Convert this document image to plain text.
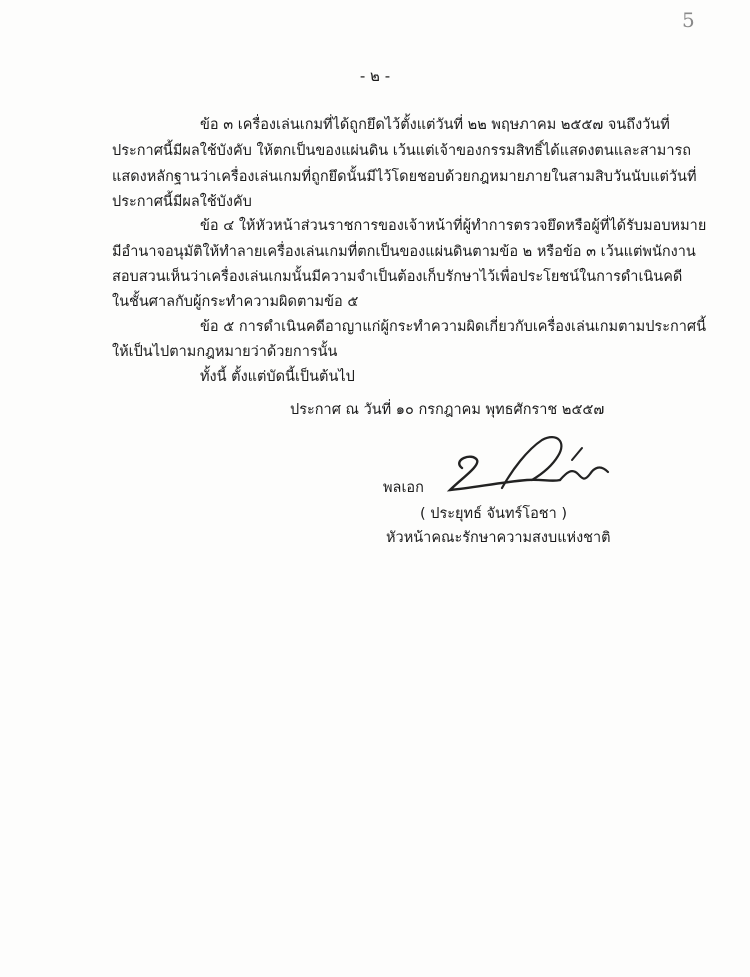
5
- ๒ -
ข้อ ๓ เครื่องเล่นเกมที่ได้ถูกยึดไว้ตั้งแต่วันที่ ๒๒ พฤษภาคม ๒๕๕๗ จนถึงวันที่
ประกาศนี้มีผลใช้บังคับ ให้ตกเป็นของแผ่นดิน เว้นแต่เจ้าของกรรมสิทธิ์ได้แสดงตนและสามารถ
แสดงหลักฐานว่าเครื่องเล่นเกมที่ถูกยึดนั้นมีไว้โดยชอบด้วยกฎหมายภายในสามสิบวันนับแต่วันที่
ประกาศนี้มีผลใช้บังคับ
ข้อ ๔ ให้หัวหน้าส่วนราชการของเจ้าหน้าที่ผู้ทำการตรวจยึดหรือผู้ที่ได้รับมอบหมาย
มีอำนาจอนุมัติให้ทำลายเครื่องเล่นเกมที่ตกเป็นของแผ่นดินตามข้อ ๒ หรือข้อ ๓ เว้นแต่พนักงาน
สอบสวนเห็นว่าเครื่องเล่นเกมนั้นมีความจำเป็นต้องเก็บรักษาไว้เพื่อประโยชน์ในการดำเนินคดี
ในชั้นศาลกับผู้กระทำความผิดตามข้อ ๕
ข้อ ๕ การดำเนินคดีอาญาแก่ผู้กระทำความผิดเกี่ยวกับเครื่องเล่นเกมตามประกาศนี้
ให้เป็นไปตามกฎหมายว่าด้วยการนั้น
ทั้งนี้ ตั้งแต่บัดนี้เป็นต้นไป
ประกาศ ณ วันที่ ๑๐ กรกฎาคม พุทธศักราช ๒๕๕๗
พลเอก
( ประยุทธ์ จันทร์โอชา )
หัวหน้าคณะรักษาความสงบแห่งชาติ
